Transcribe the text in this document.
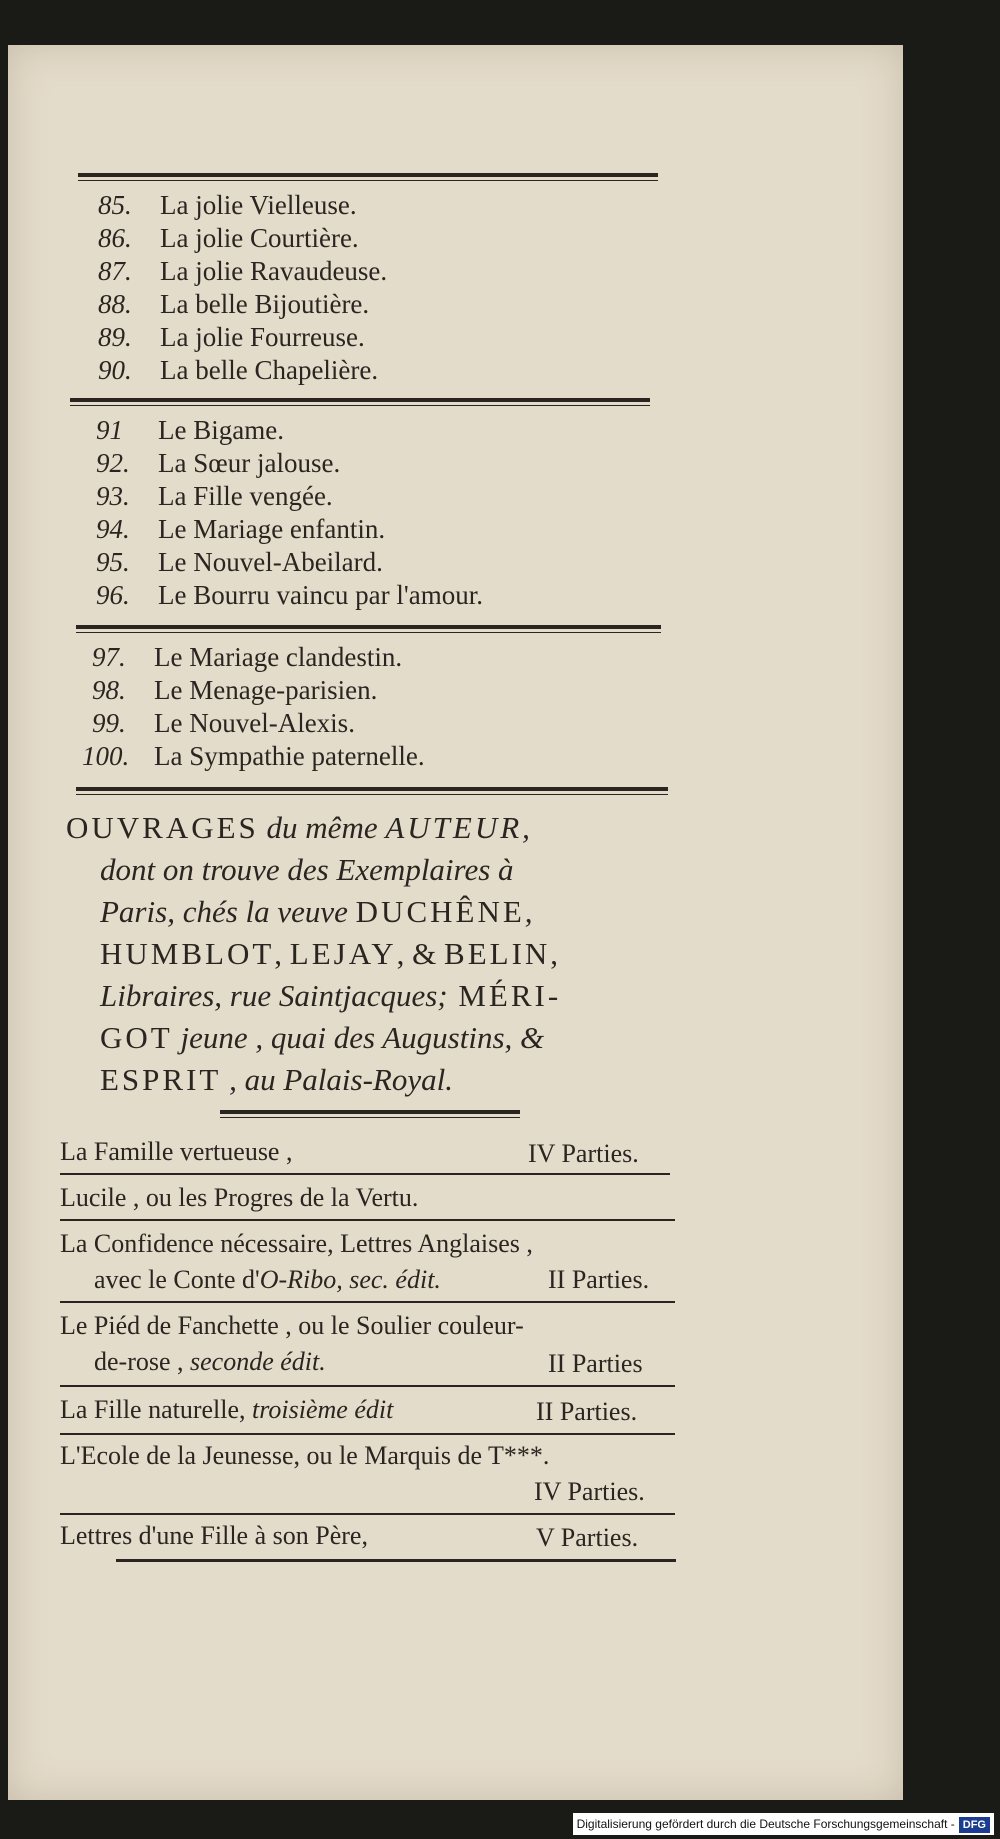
85. La jolie Vielleuse.
86. La jolie Courtière.
87. La jolie Ravaudeuse.
88. La belle Bijoutière.
89. La jolie Fourreuse.
90. La belle Chapelière.
91 Le Bigame.
92. La Sœur jalouse.
93. La Fille vengée.
94. Le Mariage enfantin.
95. Le Nouvel-Abeilard.
96. Le Bourru vaincu par l'amour.
97. Le Mariage clandestin.
98. Le Menage-parisien.
99. Le Nouvel-Alexis.
100. La Sympathie paternelle.
OUVRAGES du même AUTEUR,
dont on trouve des Exemplaires à
Paris, chés la veuve DUCHÊNE,
HUMBLOT, LEJAY, & BELIN,
Libraires, rue Saintjacques; MÉRI-
GOT jeune , quai des Augustins, &
ESPRIT , au Palais-Royal.
La Famille vertueuse ,	IV Parties.
Lucile , ou les Progres de la Vertu.
La Confidence nécessaire, Lettres Anglaises ,
avec le Conte d'O-Ribo, sec. édit.	II Parties.
Le Piéd de Fanchette , ou le Soulier couleur-
de-rose , seconde édit.	II Parties
La Fille naturelle, troisième édit	II Parties.
L'Ecole de la Jeunesse, ou le Marquis de T***.
IV Parties.
Lettres d'une Fille à son Père,	V Parties.
Digitalisierung gefördert durch die Deutsche Forschungsgemeinschaft - DFG
